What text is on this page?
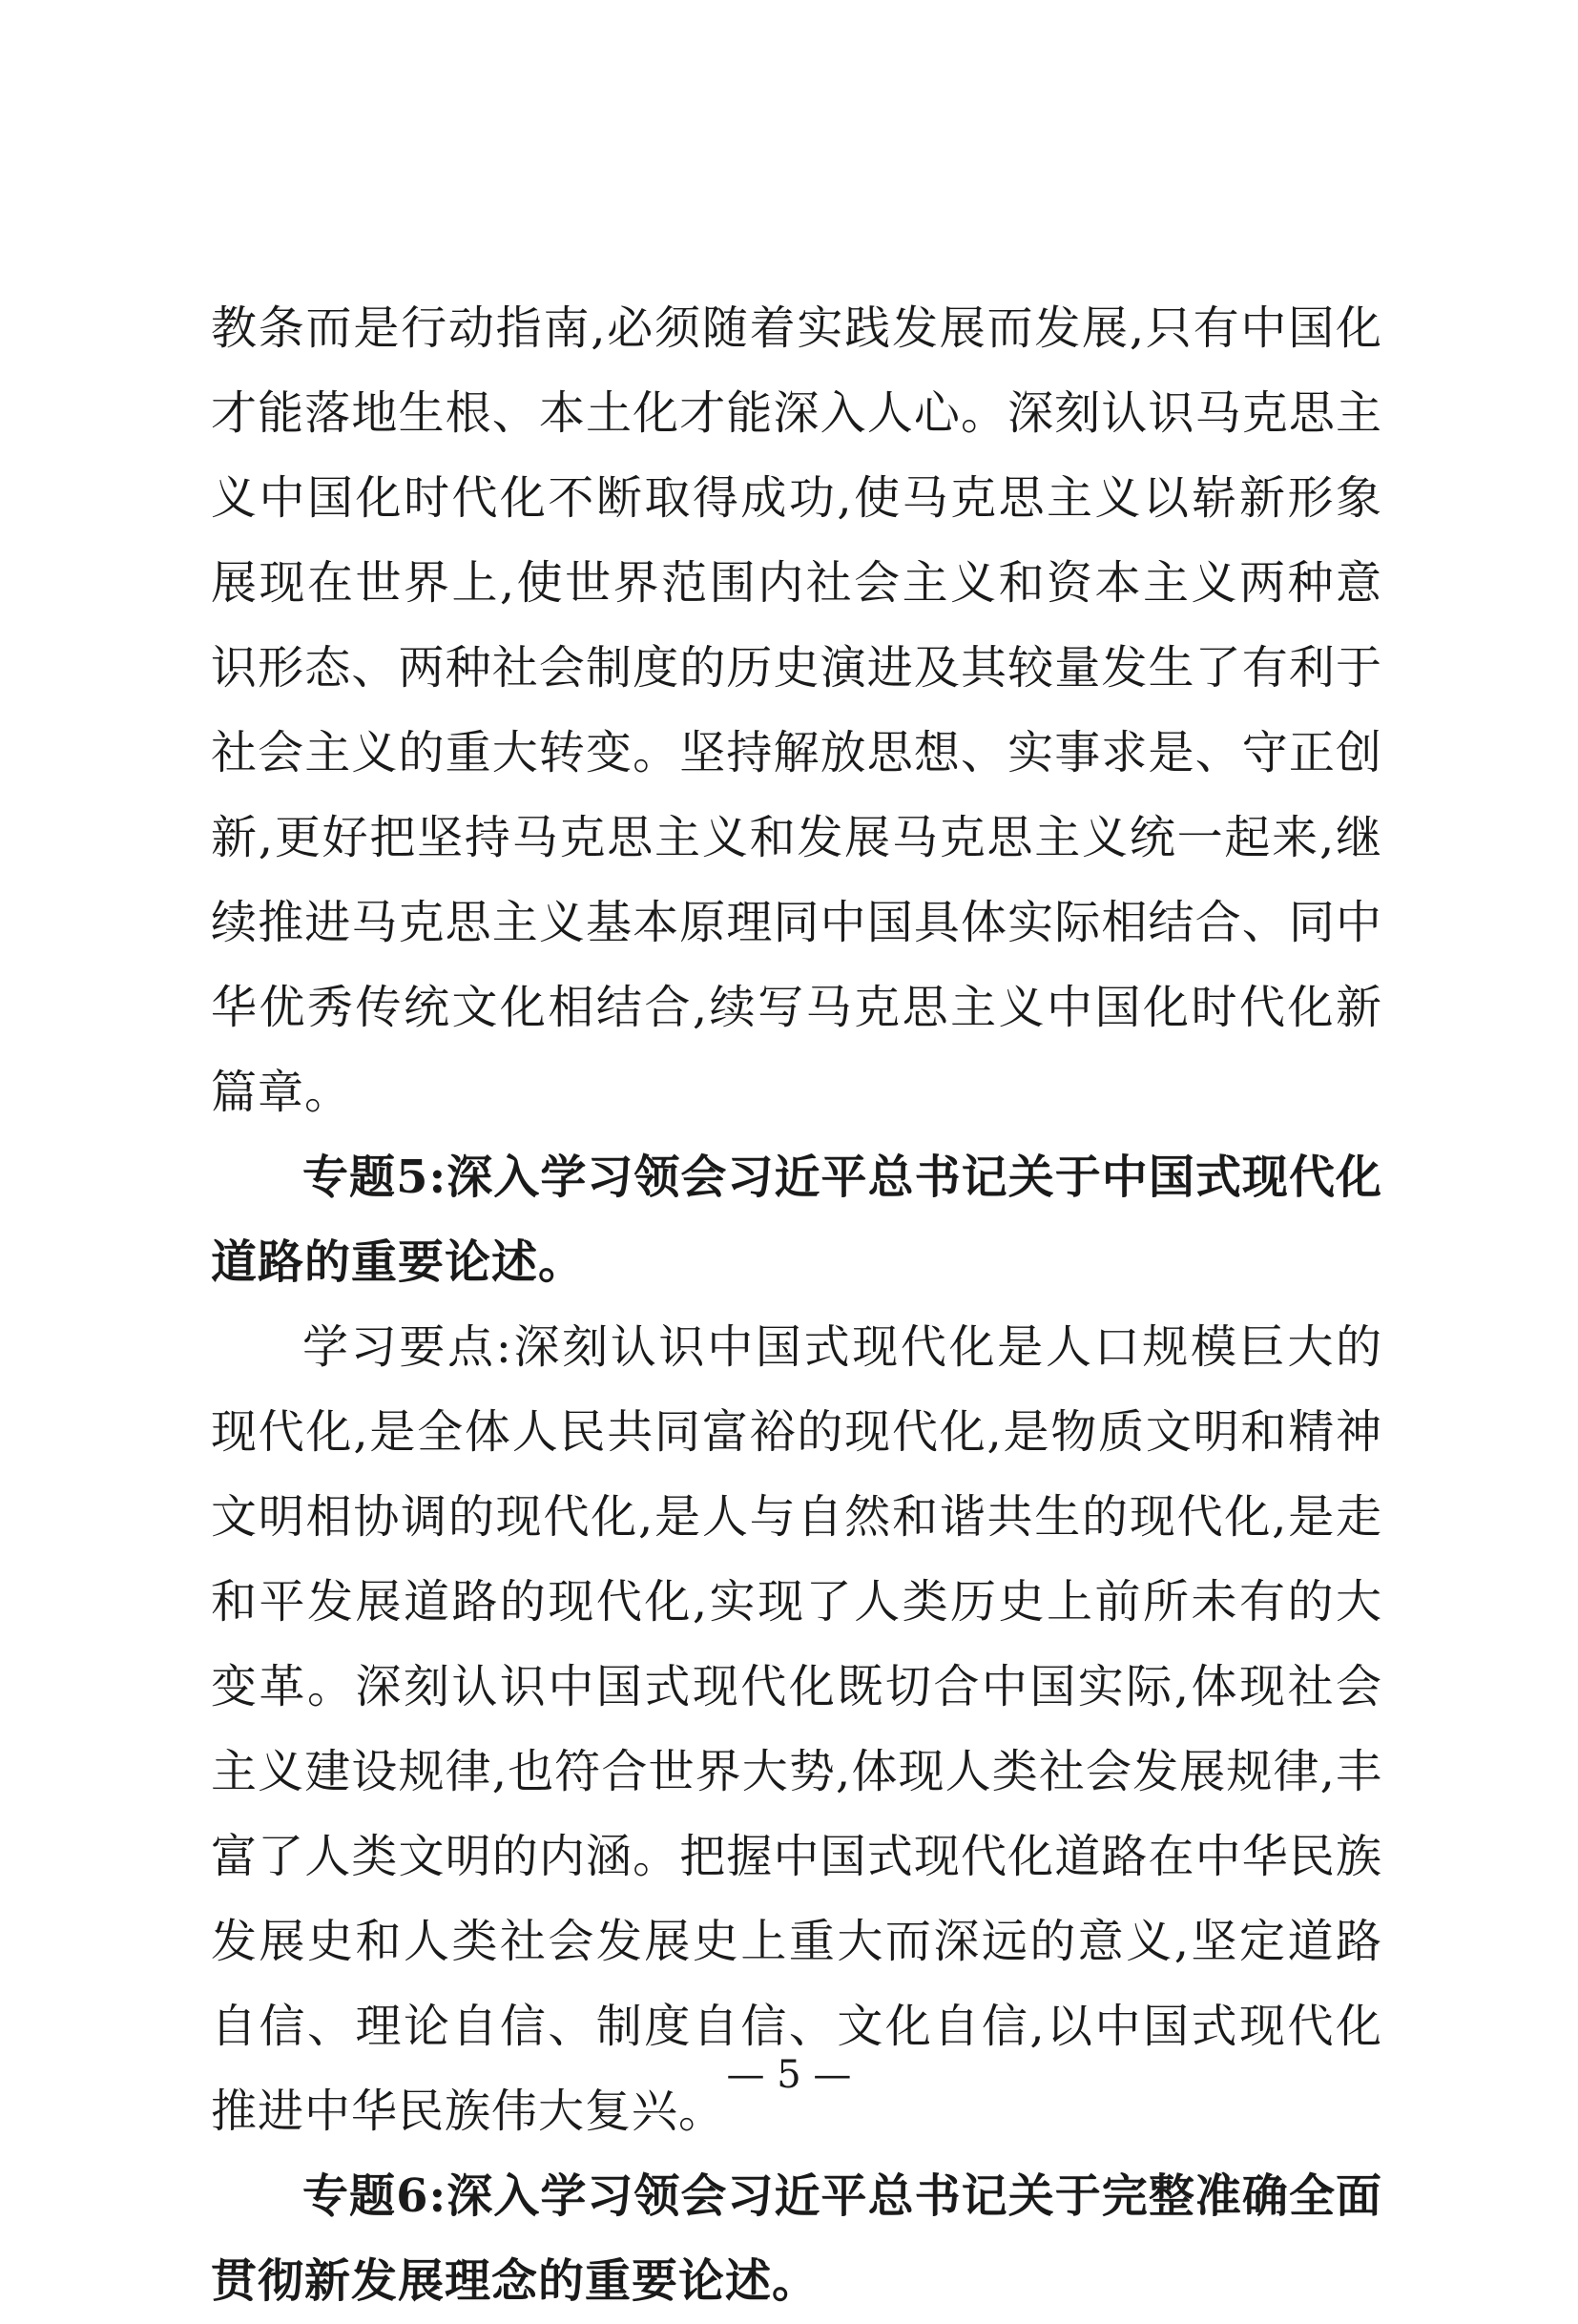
教条而是行动指南,必须随着实践发展而发展,只有中国化才能落地生根、本土化才能深入人心。深刻认识马克思主义中国化时代化不断取得成功,使马克思主义以崭新形象展现在世界上,使世界范围内社会主义和资本主义两种意识形态、两种社会制度的历史演进及其较量发生了有利于社会主义的重大转变。坚持解放思想、实事求是、守正创新,更好把坚持马克思主义和发展马克思主义统一起来,继续推进马克思主义基本原理同中国具体实际相结合、同中华优秀传统文化相结合,续写马克思主义中国化时代化新篇章。

专题5:深入学习领会习近平总书记关于中国式现代化道路的重要论述。

学习要点:深刻认识中国式现代化是人口规模巨大的现代化,是全体人民共同富裕的现代化,是物质文明和精神文明相协调的现代化,是人与自然和谐共生的现代化,是走和平发展道路的现代化,实现了人类历史上前所未有的大变革。深刻认识中国式现代化既切合中国实际,体现社会主义建设规律,也符合世界大势,体现人类社会发展规律,丰富了人类文明的内涵。把握中国式现代化道路在中华民族发展史和人类社会发展史上重大而深远的意义,坚定道路自信、理论自信、制度自信、文化自信,以中国式现代化推进中华民族伟大复兴。

专题6:深入学习领会习近平总书记关于完整准确全面贯彻新发展理念的重要论述。

— 5 —
